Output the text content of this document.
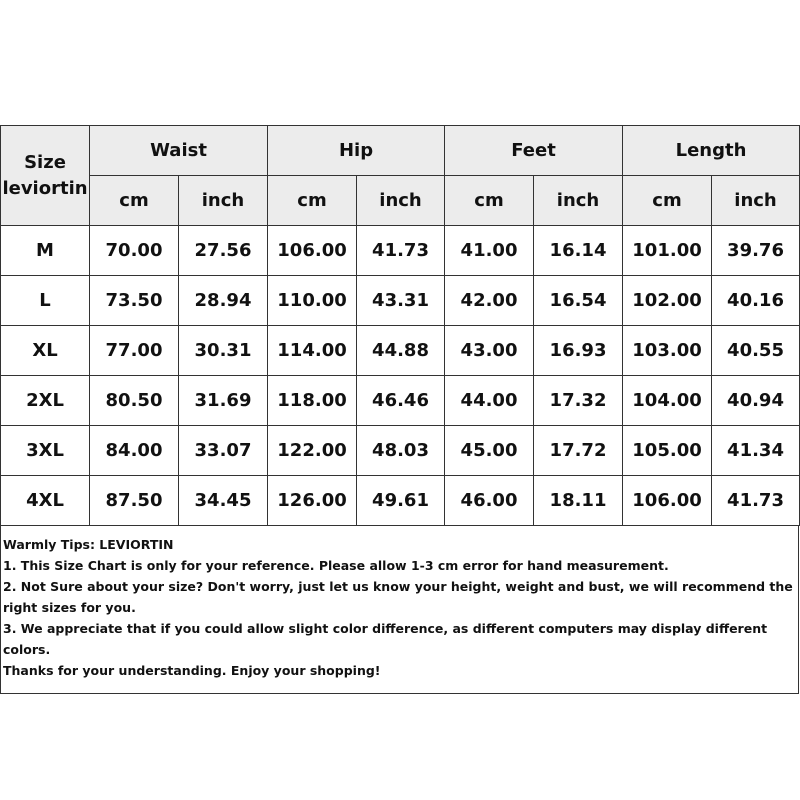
Size
leviortin	Waist		Hip		Feet		Length	
	cm	inch	cm	inch	cm	inch	cm	inch
M	70.00	27.56	106.00	41.73	41.00	16.14	101.00	39.76
L	73.50	28.94	110.00	43.31	42.00	16.54	102.00	40.16
XL	77.00	30.31	114.00	44.88	43.00	16.93	103.00	40.55
2XL	80.50	31.69	118.00	46.46	44.00	17.32	104.00	40.94
3XL	84.00	33.07	122.00	48.03	45.00	17.72	105.00	41.34
4XL	87.50	34.45	126.00	49.61	46.00	18.11	106.00	41.73
Warmly Tips: LEVIORTIN
1. This Size Chart is only for your reference. Please allow 1-3 cm error for hand measurement.
2. Not Sure about your size? Don't worry, just let us know your height, weight and bust, we will recommend the right sizes for you.
3. We appreciate that if you could allow slight color difference, as different computers may display different colors.
Thanks for your understanding. Enjoy your shopping!
